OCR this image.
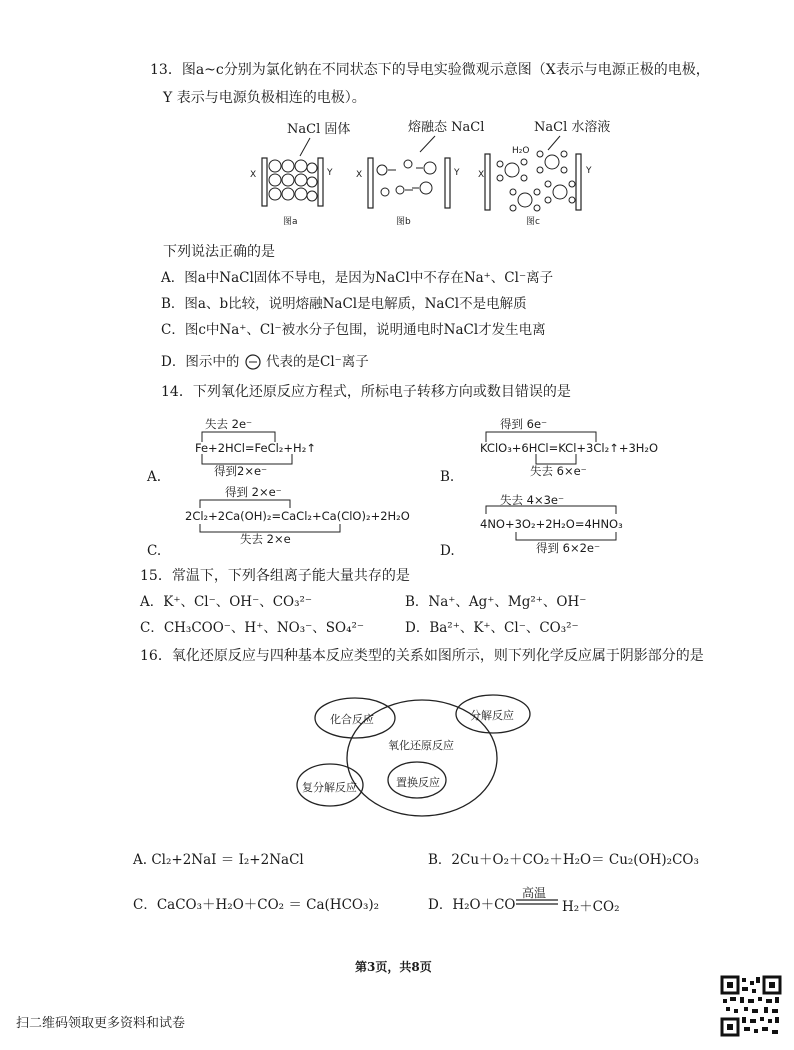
13．图a~c分别为氯化钠在不同状态下的导电实验微观示意图（X表示与电源正极的电极，
Y 表示与电源负极相连的电极）。
NaCl 固体	熔融态 NaCl	NaCl 水溶液
X	Y	X	Y X	Y
H₂O
图a	图b	图c
下列说法正确的是
A．图a中NaCl固体不导电，是因为NaCl中不存在Na⁺、Cl⁻离子
B．图a、b比较，说明熔融NaCl是电解质，NaCl不是电解质
C．图c中Na⁺、Cl⁻被水分子包围，说明通电时NaCl才发生电离
D．图示中的 代表的是Cl⁻离子
14．下列氧化还原反应方程式，所标电子转移方向或数目错误的是
失去 2e⁻
Fe+2HCl=FeCl₂+H₂↑
得到2×e⁻
A.
得到 6e⁻
KClO₃+6HCl=KCl+3Cl₂↑+3H₂O
失去 6×e⁻
B.
得到 2×e⁻
2Cl₂+2Ca(OH)₂=CaCl₂+Ca(ClO)₂+2H₂O
失去 2×e
C.
失去 4×3e⁻
4NO+3O₂+2H₂O=4HNO₃
得到 6×2e⁻
D.
15．常温下，下列各组离子能大量共存的是
A．K⁺、Cl⁻、OH⁻、CO₃²⁻	B．Na⁺、Ag⁺、Mg²⁺、OH⁻
C．CH₃COO⁻、H⁺、NO₃⁻、SO₄²⁻	D．Ba²⁺、K⁺、Cl⁻、CO₃²⁻
16．氧化还原反应与四种基本反应类型的关系如图所示，则下列化学反应属于阴影部分的是
化合反应	分解反应
氧化还原反应
复分解反应	置换反应
A. Cl₂+2NaI ＝ I₂+2NaCl	B．2Cu＋O₂＋CO₂＋H₂O＝ Cu₂(OH)₂CO₃
C．CaCO₃＋H₂O＋CO₂ ＝ Ca(HCO₃)₂	D．H₂O＋CO
高温
H₂＋CO₂
第3页，共8页
扫二维码领取更多资料和试卷
